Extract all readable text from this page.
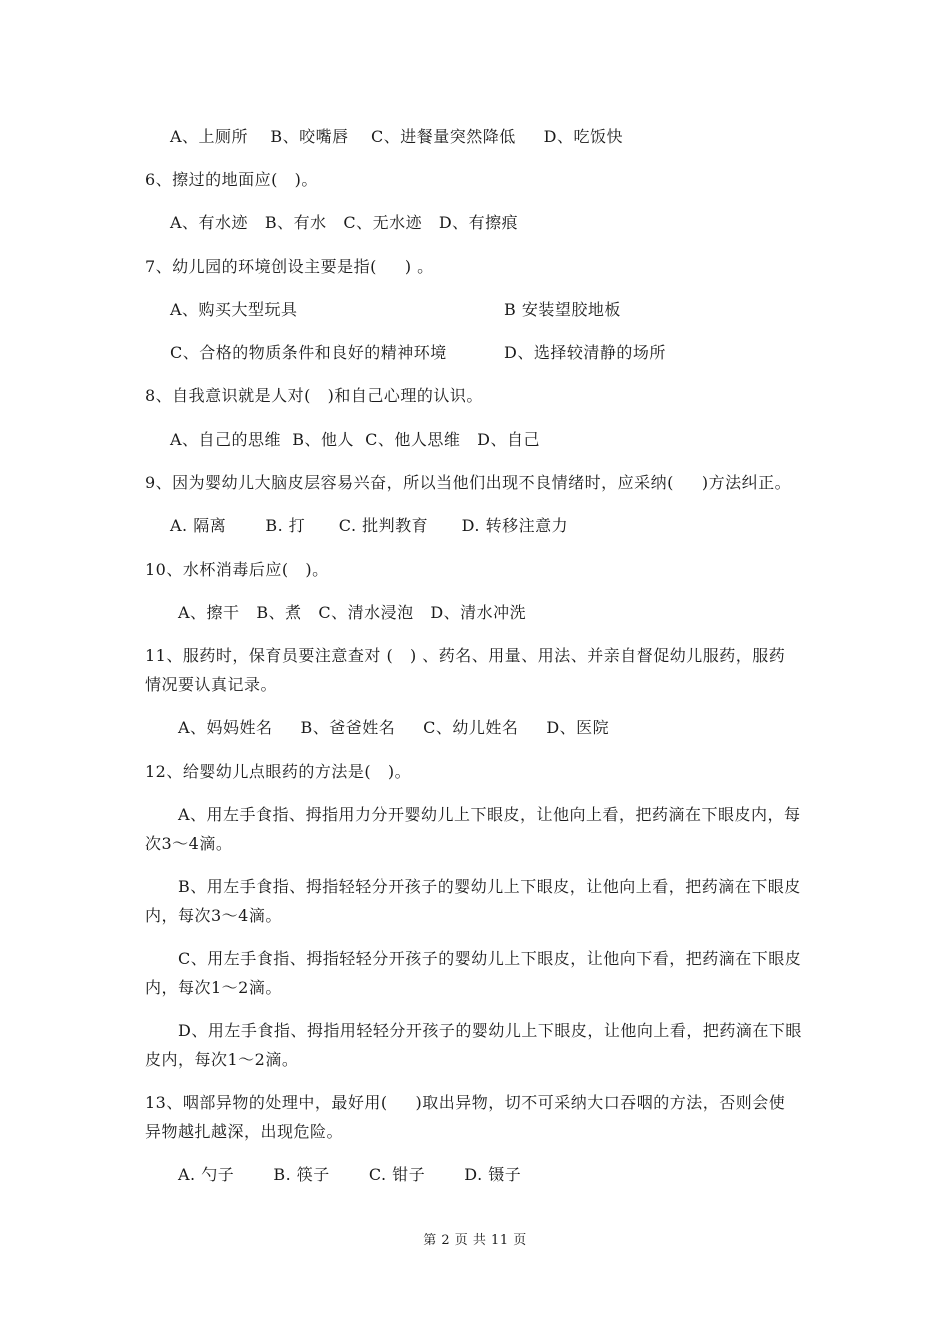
A、上厕所    B、咬嘴唇    C、进餐量突然降低     D、吃饭快
6、擦过的地面应(   )。
A、有水迹   B、有水   C、无水迹   D、有擦痕
7、幼儿园的环境创设主要是指(     ) 。
A、购买大型玩具	B 安装望胶地板
C、合格的物质条件和良好的精神环境	D、选择较清静的场所
8、自我意识就是人对(   )和自己心理的认识。
A、自己的思维  B、他人  C、他人思维   D、自己
9、因为婴幼儿大脑皮层容易兴奋，所以当他们出现不良情绪时，应采纳(     )方法纠正。
A. 隔离       B. 打      C. 批判教育      D. 转移注意力
10、水杯消毒后应(   )。
A、擦干   B、煮   C、清水浸泡   D、清水冲洗
11、服药时，保育员要注意查对 (   ) 、药名、用量、用法、并亲自督促幼儿服药，服药
情况要认真记录。
A、妈妈姓名     B、爸爸姓名     C、幼儿姓名     D、医院
12、给婴幼儿点眼药的方法是(   )。
A、用左手食指、拇指用力分开婴幼儿上下眼皮，让他向上看，把药滴在下眼皮内，每
次3～4滴。
B、用左手食指、拇指轻轻分开孩子的婴幼儿上下眼皮，让他向上看，把药滴在下眼皮
内，每次3～4滴。
C、用左手食指、拇指轻轻分开孩子的婴幼儿上下眼皮，让他向下看，把药滴在下眼皮
内，每次1～2滴。
D、用左手食指、拇指用轻轻分开孩子的婴幼儿上下眼皮，让他向上看，把药滴在下眼
皮内，每次1～2滴。
13、咽部异物的处理中，最好用(     )取出异物，切不可采纳大口吞咽的方法，否则会使
异物越扎越深，出现危险。
A. 勺子       B. 筷子       C. 钳子       D. 镊子
第 2 页 共 11 页
